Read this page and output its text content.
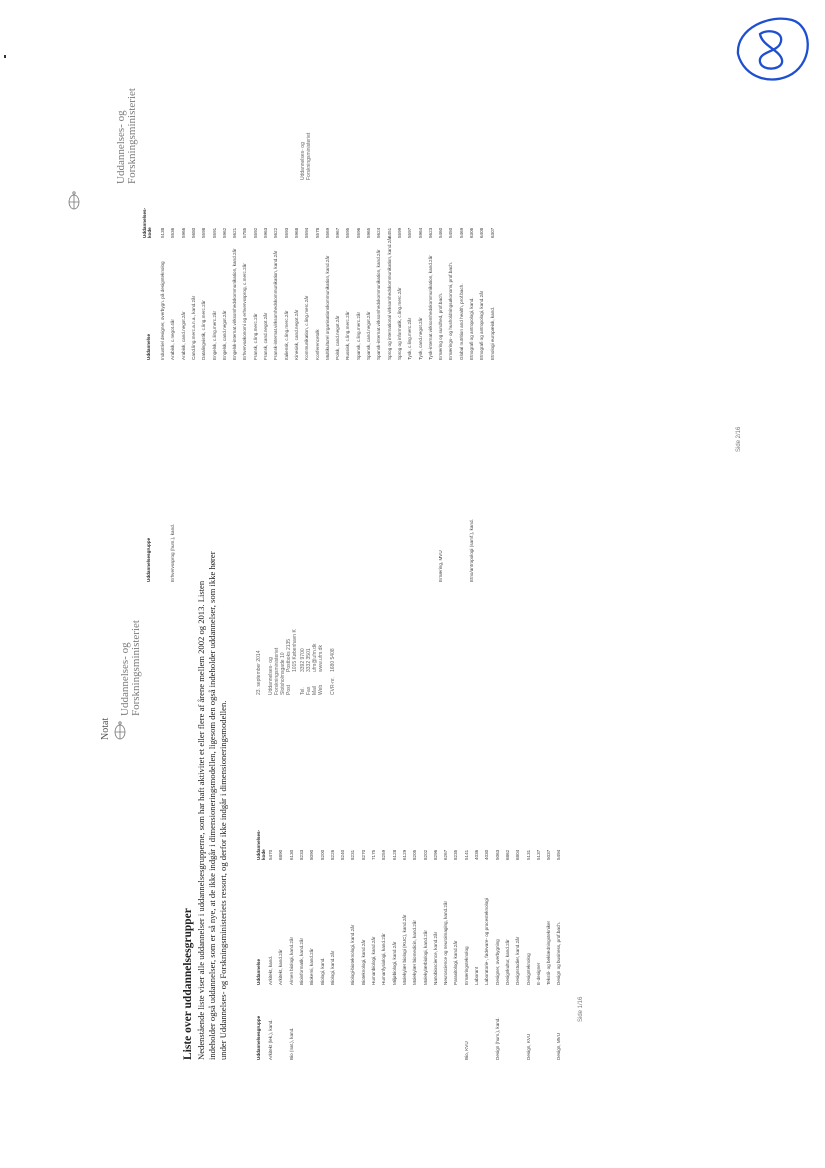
Notat
Uddannelses- og Forskningsministeriet
Liste over uddannelsesgrupper Nedenstående liste viser alle uddannelser i uddannelsesgrupperne, som har haft aktivitet et eller flere af årene mellem 2002 og 2013. Listen indeholder også uddannelser, som er så nye, at de ikke indgår i dimensioneringsmodellen, ligesom den også indeholder uddannelser, som ikke hører under Uddannelses- og Forskningsministeriets ressort, og derfor ikke indgår i dimensioneringsmodellen.
23. september 2014 Uddannelses- og Forskningsministeriet Slotsholmsgade 10 Post
Postboks 2135 1015 København K
Tel.
3392 9700
Fax
3332 3501
Mail
ufm@ufm.dk
Web
www.ufm.dk
CVR-nr.
1680 5408
Uddannelsesgruppe
Uddannelse
Uddannelses-kode
Arkitekt (lek.), kand.
Arkitekt, kand.
5470
Arkitekt, kand.2år
6890
Bio (nat.), kand.
Almen biologi, kand.2år
6130
Bioinformatik, kand.2år
8233
Biokemi, kand.2år
8090
Biologi, kand.
8200
Biologi, kand.2år
8226 8240
Biologi-bioteknologi, kand.2år
8231
Bioteknologi, kand.2år
8270
Humanbiologi, kand.2år
7175
Humanfysiologi, kand.2år
8259
Miljøbiologi, kand.2år
6128
Molekylær biologi (RUC), kand.2år
6129
Molekylær biomedicin, kand.2år
8205
Molekylærbiologi, kand.2år
8202
Nanobioscience, kand.2år
8296
Neuroscience og neuroimaging, kand.2år
6267
Parasitologi, kand.2år
8235
Bio, KVU
Ernæringsteknolog
5141
Laborant
4036
Laboratorie-, fødevare- og procesteknologi
4030
Design (hum.), kand.
Designer, overbygning
5063
Designkultur, kand.2år
6862
Designstudier, kand.2år
6804
Design, KVU
Designteknolog
5131
E-designer
5137
Tekstil- og beklædningstekniker
5037
Design, MVU
Design og business, prof.bach.
5494
Side 1/16
Uddannelses- og Forskningsministeriet	Uddannelses- og Forskningsministeriet
Uddannelsesgruppe
Uddannelse
Uddannelses-kode
Industriel designer, overbygn. på designteknolog
5138
Erhvervssprog (hum.), kand.
Arabisk, c.negot.4år
5536
Arabisk, cand.negot.2år
5966
Cand.ling.merc.a.n.a., kand.2år
5680
Datalingvistik, c.ling.merc.2år
5598
Engelsk, c.ling.merc.2år
5591
Engelsk, cand.negot.2år
5962
Engelsk-internat.virksomhedskommunikation, kand.2år
5621
Erhvervsøkonomi og erhvervssprog, c.merc.2år
5785
Fransk, c.ling.merc.2år
5592
Fransk, cand.negot.2år
5963
Fransk-internat.virksomhedskommunikation, kand.2år
5622
Italiensk, c.ling.merc.2år
5593
Kinesisk, cand.negot.2år
5968
Kommunikation, c.ling.merc.2år
5594
Konferencetolk
5578
Multikulturel organisationskommunikation, kand.2år
5569
Polsk, cand.negot.2år
5967
Russisk, c.ling.merc.2år
5595
Spansk, c.ling.merc.2år
5596
Spansk, cand.negot.2år
5965
Spansk-internat.virksomhedskommunikation, kand.2år
5624
Sprog og international virksomhedskommunikation, kand.2år
6451
Sprog og informatik, c.ling.merc.2år
5599
Tysk, c.ling.merc.2år
5597
Tysk, cand.negot.2år
5964
Tysk-internat.virksomhedskommunikation, kand.2år
5623
Ernæring, MVU
Ernæring og sundhed, prof.bach.
5460
Ernærings- og husholdningsøkonomi, prof.bach.
5450
Global nutrition and health, prof.bach.
5469
Etno/antropologi (samf.), kand.
Etnografi og antropologi, kand.
6306
Etnografi og antropologi, kand.2år
6408
Etnologi europæisk, kand.
6307
Side 2/16
